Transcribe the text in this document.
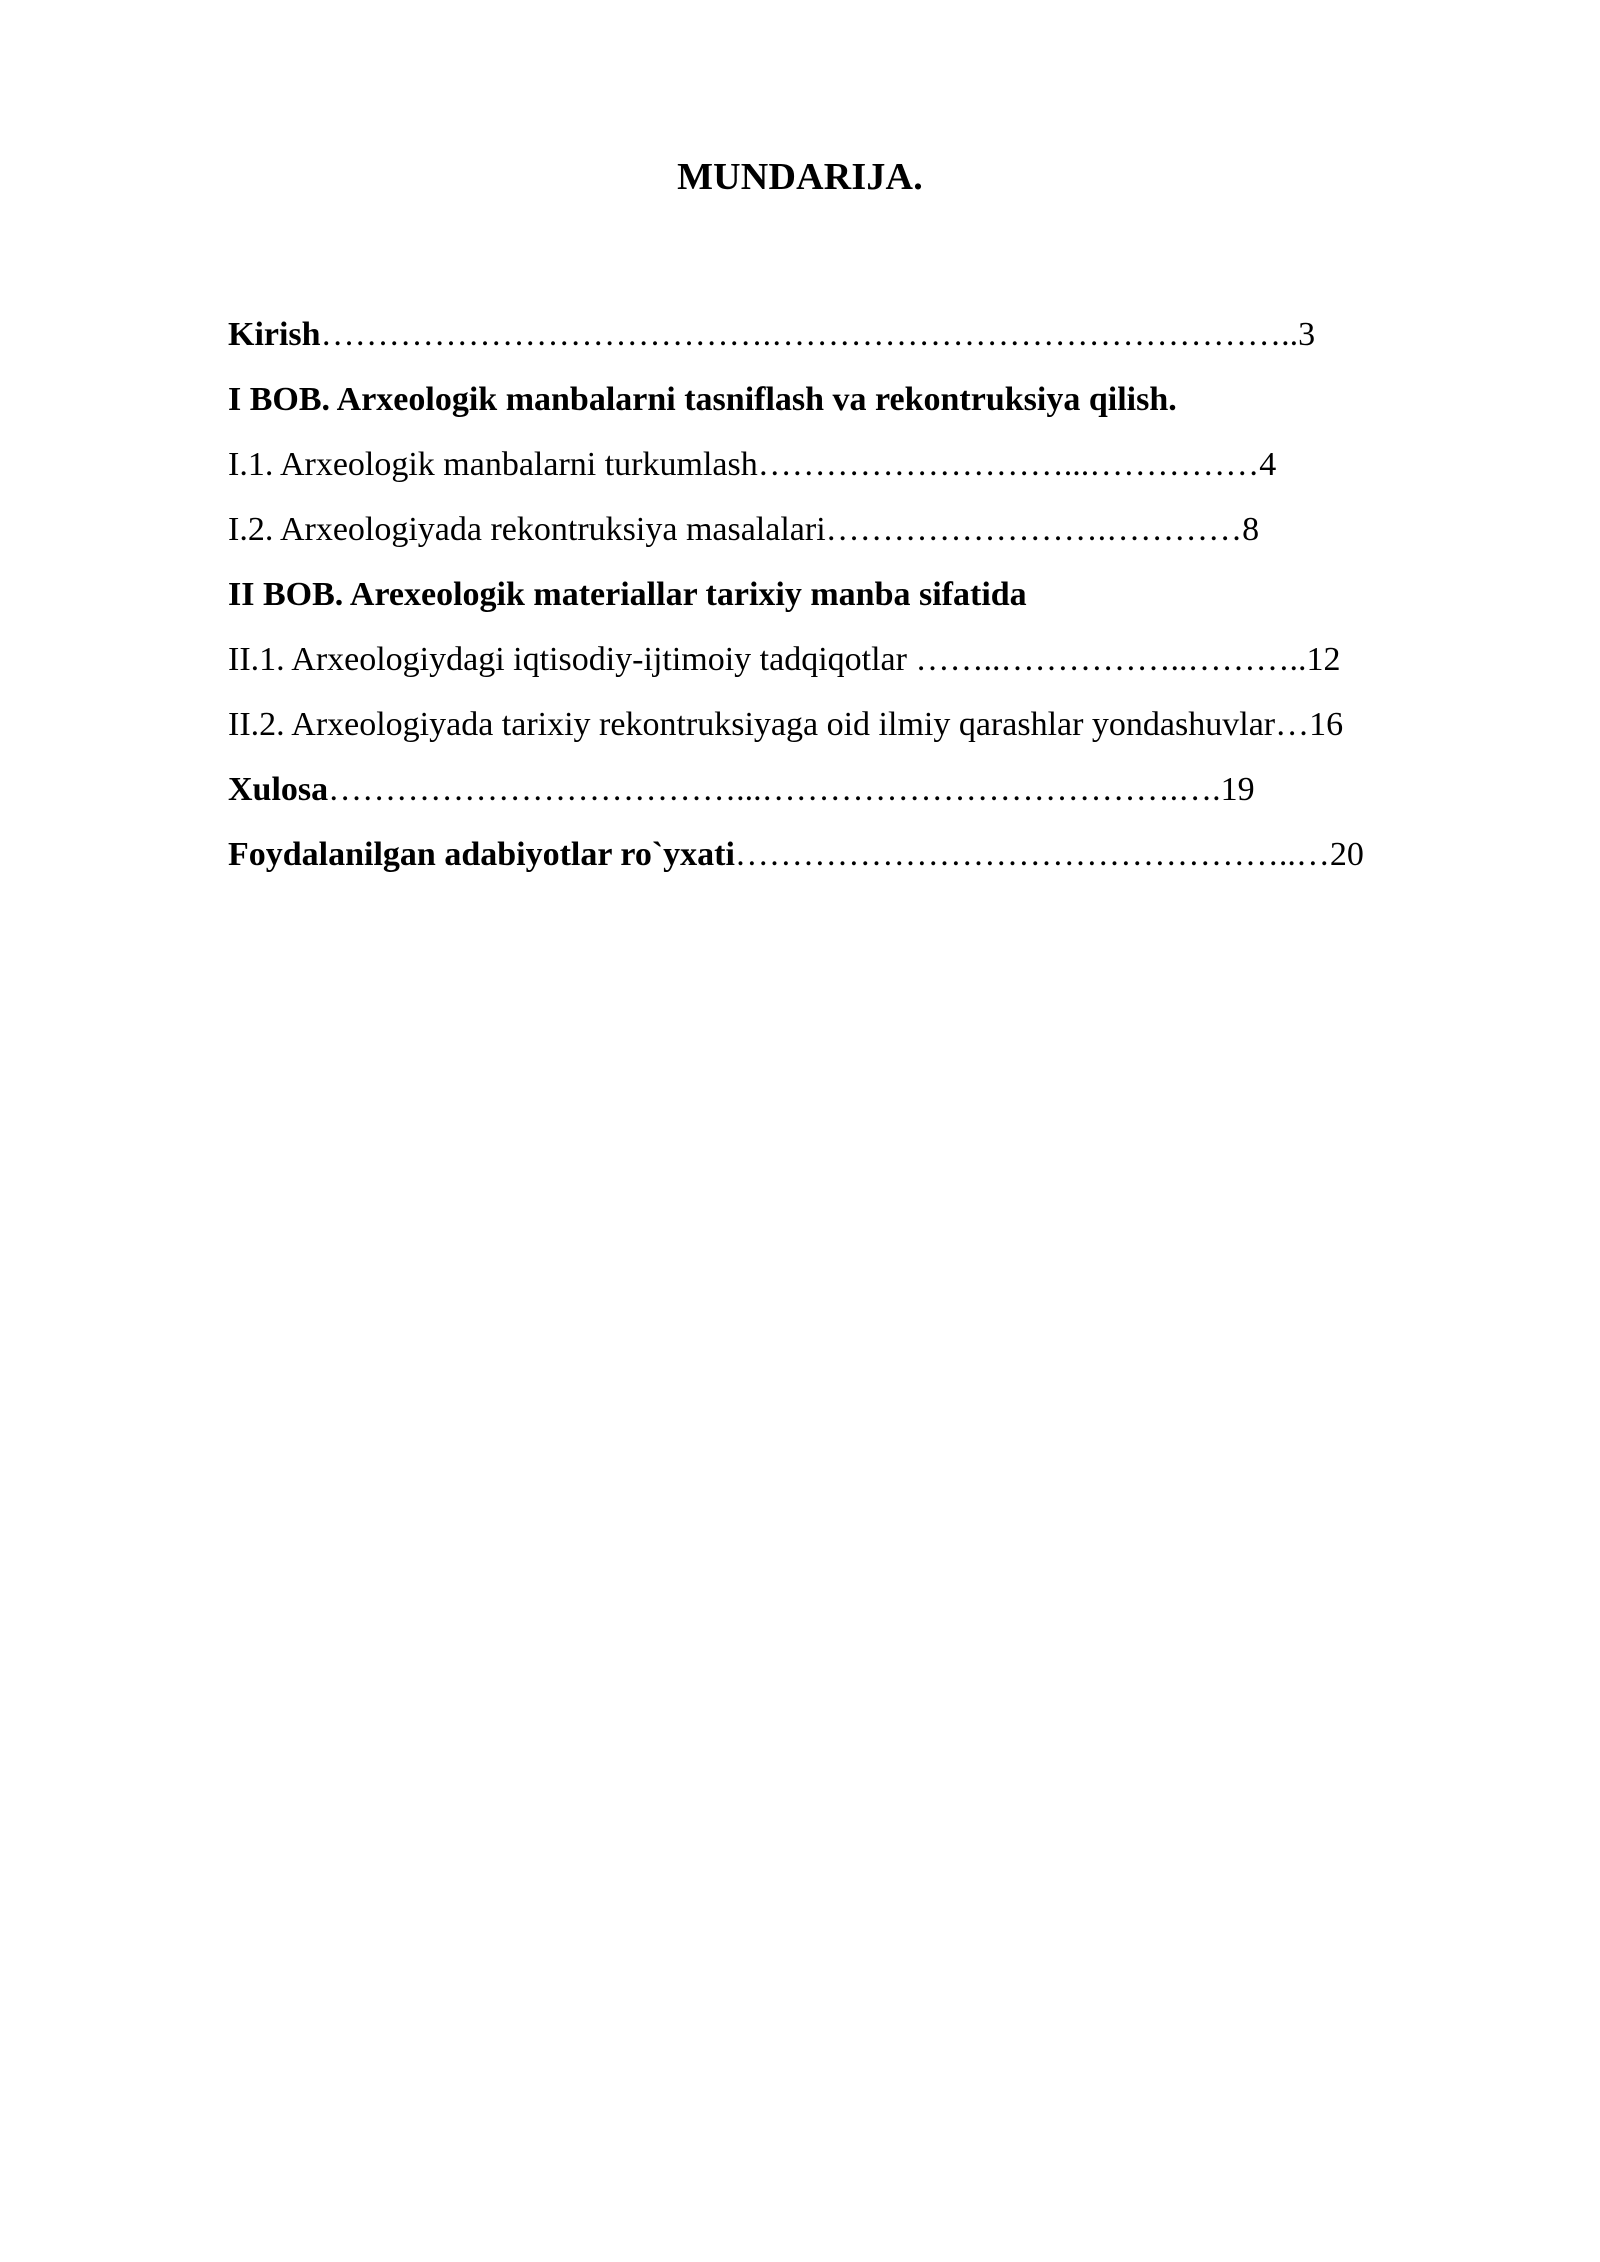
MUNDARIJA.
Kirish………………………………….………………………………………..3
I BOB. Arxeologik manbalarni tasniflash va rekontruksiya qilish.
I.1. Arxeologik manbalarni turkumlash………………………...……………4
I.2. Arxeologiyada rekontruksiya masalalari…………………….…………8
II BOB. Arexeologik materiallar tarixiy manba sifatida
II.1. Arxeologiydagi iqtisodiy-ijtimoiy tadqiqotlar ……..……………..………..12
II.2. Arxeologiyada tarixiy rekontruksiyaga oid ilmiy qarashlar yondashuvlar…16
Xulosa………………………………...……………………………….….19
Foydalanilgan adabiyotlar ro`yxati…………………………………………..…20
